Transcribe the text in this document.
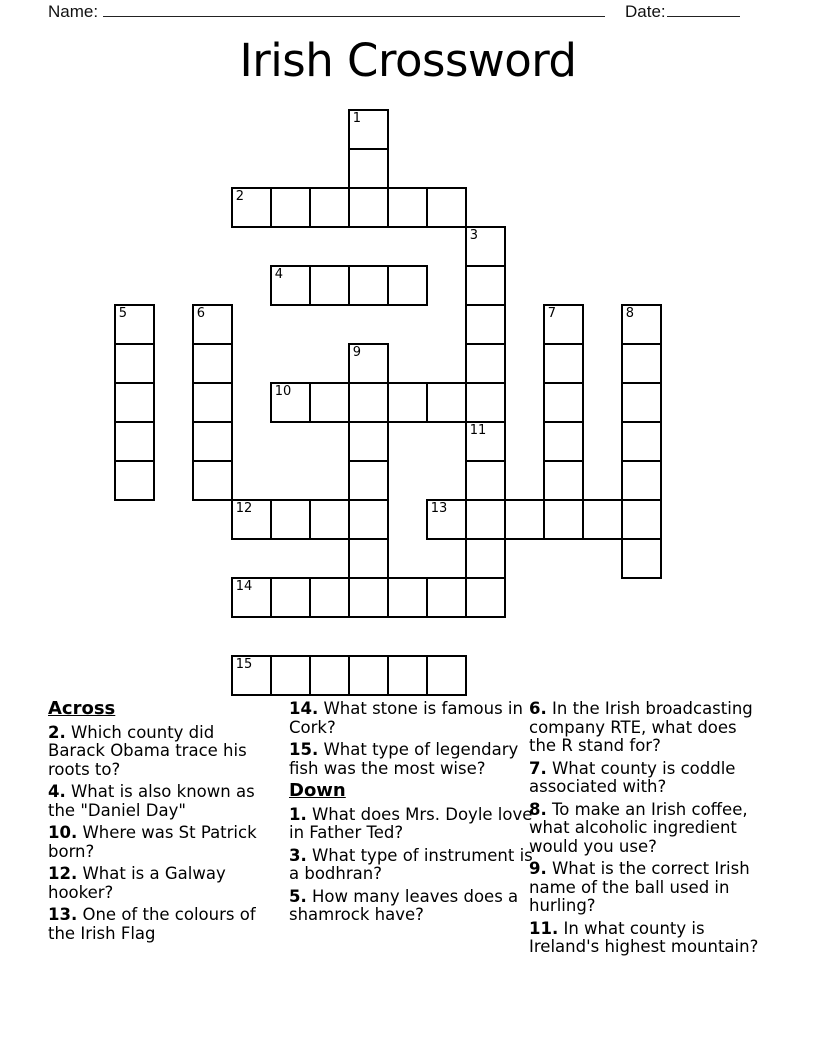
Name:	Date:
Irish Crossword
1
2
3
4
5	6	7	8
9
10
11
12	13
14
15
Across
2. Which county did Barack Obama trace his roots to?
4. What is also known as the "Daniel Day"
10. Where was St Patrick born?
12. What is a Galway hooker?
13. One of the colours of the Irish Flag
14. What stone is famous in Cork?
15. What type of legendary fish was the most wise?
Down
1. What does Mrs. Doyle love in Father Ted?
3. What type of instrument is a bodhran?
5. How many leaves does a shamrock have?
6. In the Irish broadcasting company RTE, what does the R stand for?
7. What county is coddle associated with?
8. To make an Irish coffee, what alcoholic ingredient would you use?
9. What is the correct Irish name of the ball used in hurling?
11. In what county is Ireland's highest mountain?
